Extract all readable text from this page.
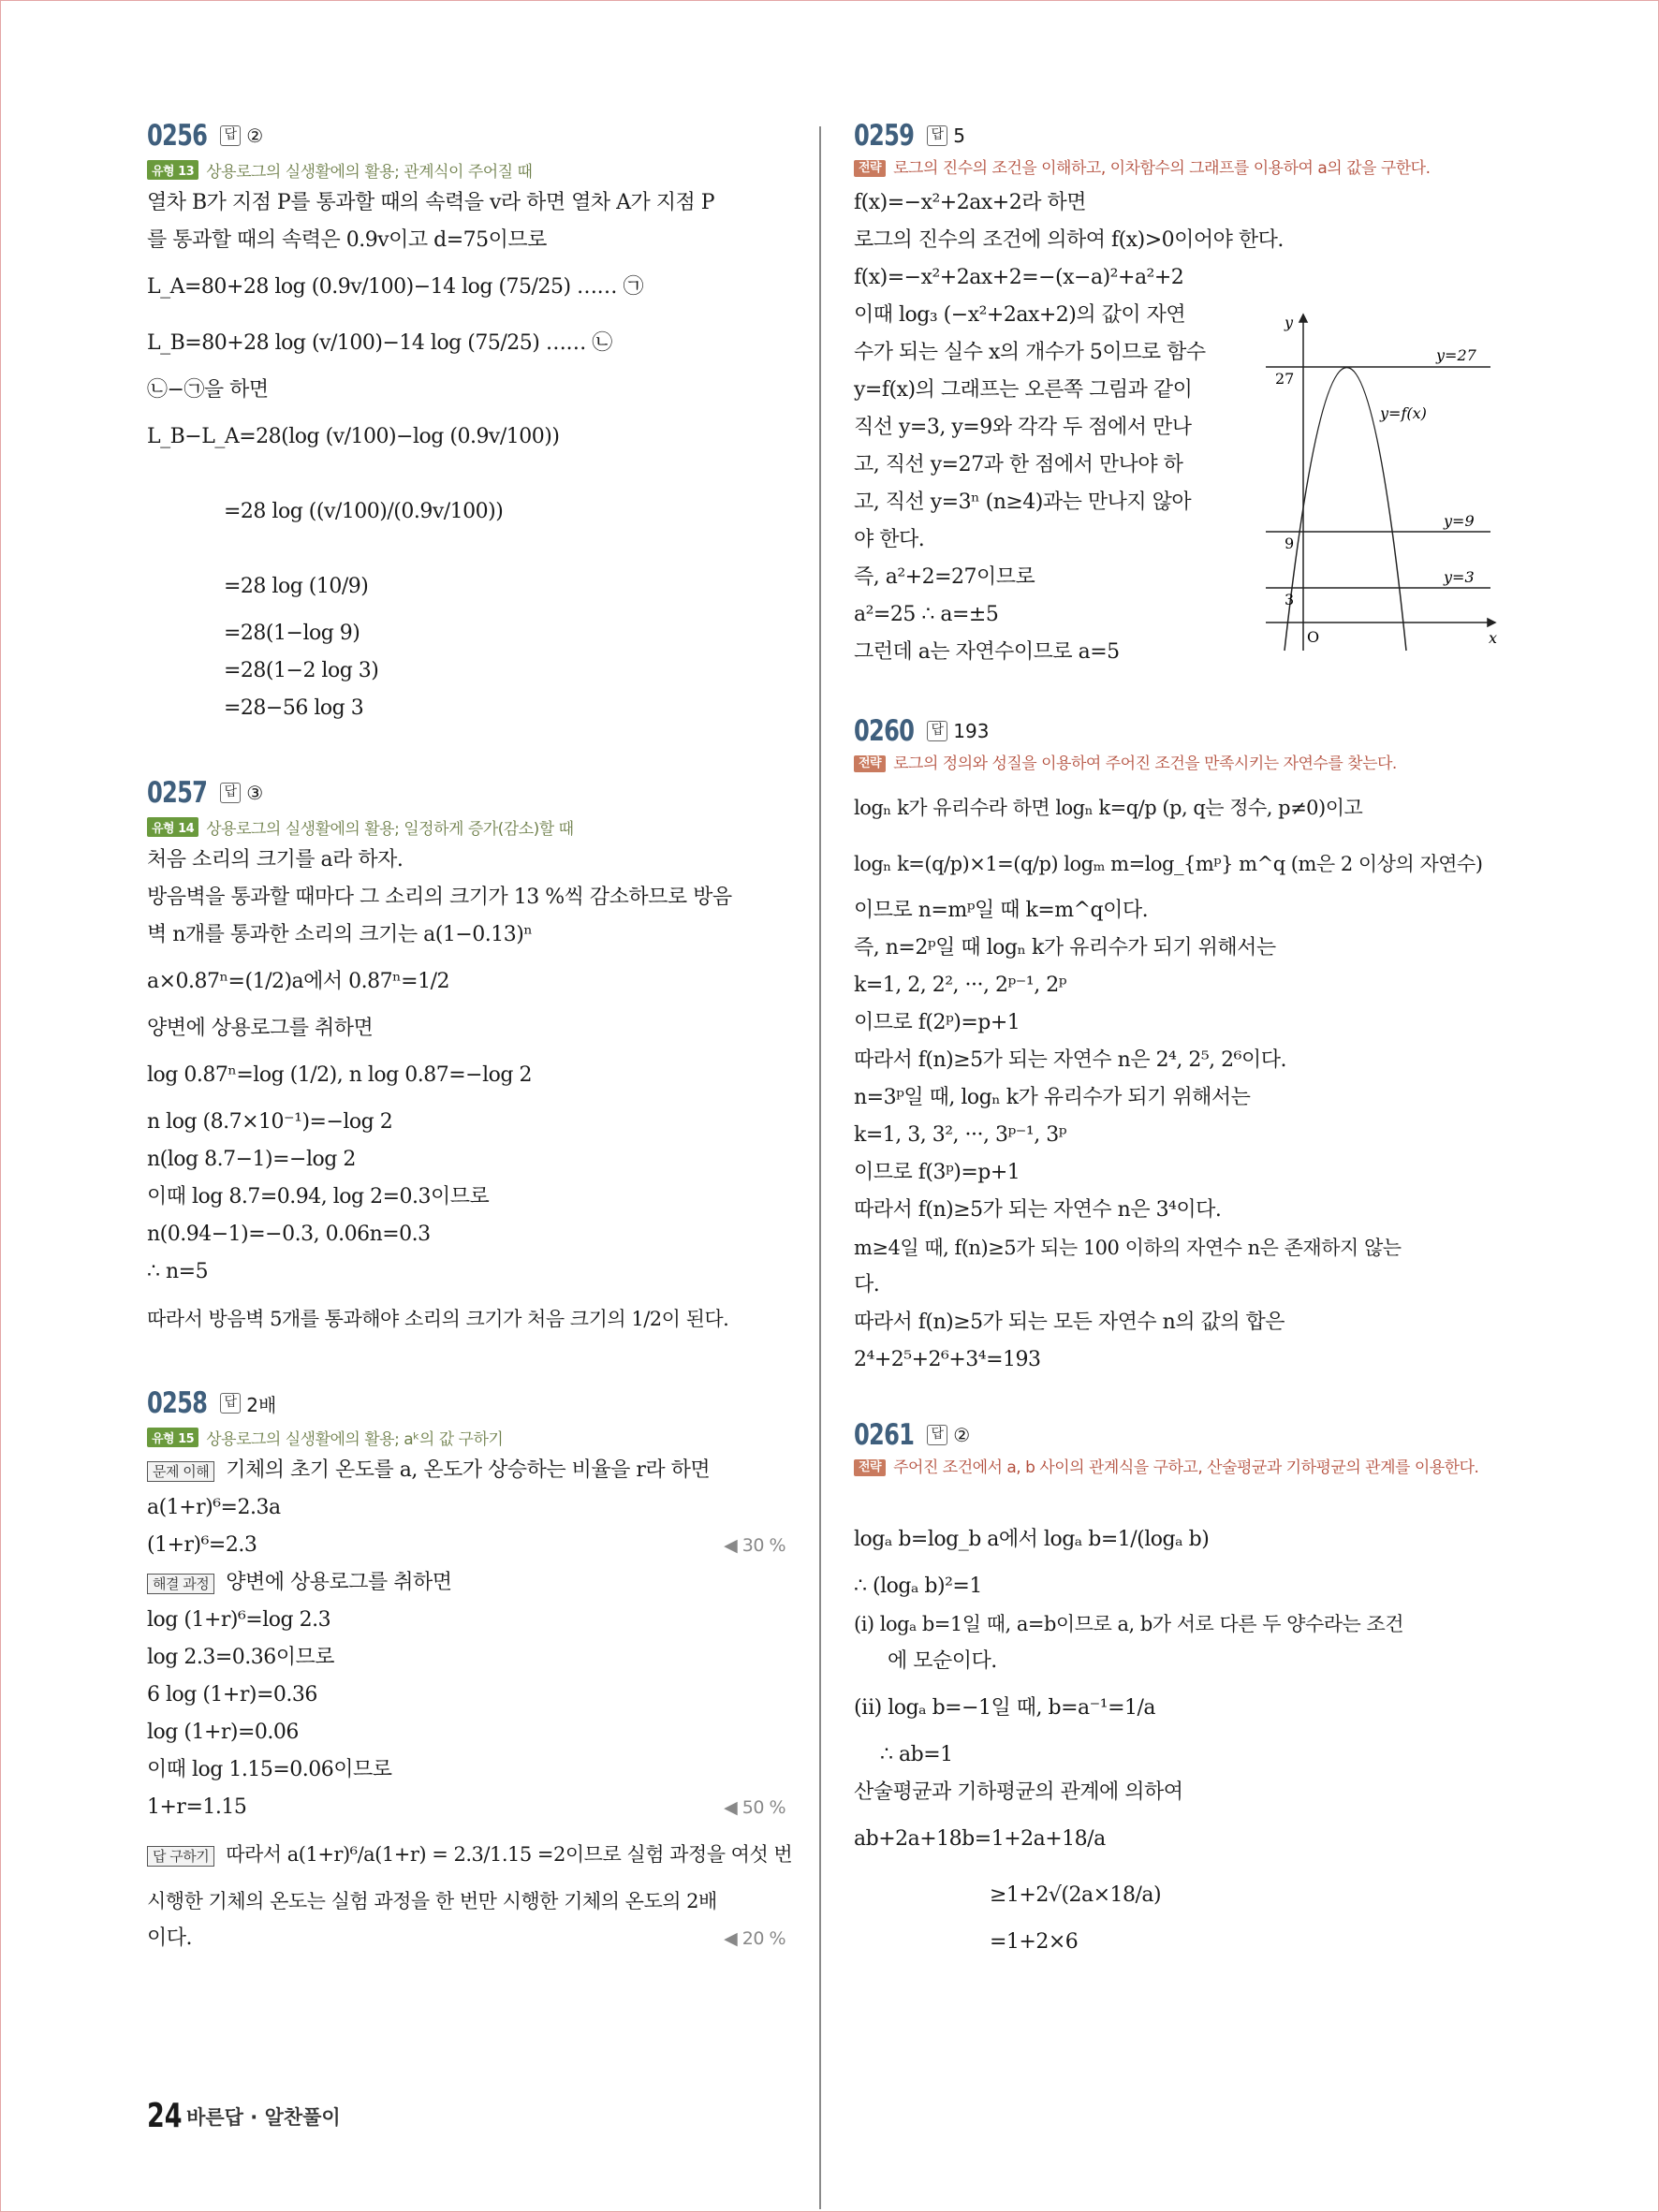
0256	답 ②
유형 13 상용로그의 실생활에의 활용; 관계식이 주어질 때
열차 B가 지점 P를 통과할 때의 속력을 v라 하면 열차 A가 지점 P
를 통과할 때의 속력은 0.9v이고 d=75이므로
L_A=80+28 log (0.9v/100)−14 log (75/25) …… ㉠
L_B=80+28 log (v/100)−14 log (75/25) …… ㉡
㉡−㉠을 하면
L_B−L_A=28(log (v/100)−log (0.9v/100))
=28 log ((v/100)/(0.9v/100))
=28 log (10/9)
=28(1−log 9)
=28(1−2 log 3)
=28−56 log 3
0257	답 ③
유형 14 상용로그의 실생활에의 활용; 일정하게 증가(감소)할 때
처음 소리의 크기를 a라 하자.
방음벽을 통과할 때마다 그 소리의 크기가 13 %씩 감소하므로 방음
벽 n개를 통과한 소리의 크기는 a(1−0.13)ⁿ
a×0.87ⁿ=(1/2)a에서 0.87ⁿ=1/2
양변에 상용로그를 취하면
log 0.87ⁿ=log (1/2), n log 0.87=−log 2
n log (8.7×10⁻¹)=−log 2
n(log 8.7−1)=−log 2
이때 log 8.7=0.94, log 2=0.3이므로
n(0.94−1)=−0.3, 0.06n=0.3
∴ n=5
따라서 방음벽 5개를 통과해야 소리의 크기가 처음 크기의 1/2이 된다.
0258	답 2배
유형 15 상용로그의 실생활에의 활용; aᵏ의 값 구하기
문제 이해 기체의 초기 온도를 a, 온도가 상승하는 비율을 r라 하면
a(1+r)⁶=2.3a
(1+r)⁶=2.3	◀ 30 %
해결 과정 양변에 상용로그를 취하면
log (1+r)⁶=log 2.3
log 2.3=0.36이므로
6 log (1+r)=0.36
log (1+r)=0.06
이때 log 1.15=0.06이므로
1+r=1.15	◀ 50 %
답 구하기 따라서 a(1+r)⁶/a(1+r) = 2.3/1.15 =2이므로 실험 과정을 여섯 번
시행한 기체의 온도는 실험 과정을 한 번만 시행한 기체의 온도의 2배
이다.	◀ 20 %
0259	답 5
전략 로그의 진수의 조건을 이해하고, 이차함수의 그래프를 이용하여 a의 값을 구한다.
f(x)=−x²+2ax+2라 하면
로그의 진수의 조건에 의하여 f(x)>0이어야 한다.
f(x)=−x²+2ax+2=−(x−a)²+a²+2
이때 log₃ (−x²+2ax+2)의 값이 자연
수가 되는 실수 x의 개수가 5이므로 함수
y=f(x)의 그래프는 오른쪽 그림과 같이
직선 y=3, y=9와 각각 두 점에서 만나
고, 직선 y=27과 한 점에서 만나야 하
고, 직선 y=3ⁿ (n≥4)과는 만나지 않아
야 한다.
즉, a²+2=27이므로
a²=25 ∴ a=±5
그런데 a는 자연수이므로 a=5
0260	답 193
전략 로그의 정의와 성질을 이용하여 주어진 조건을 만족시키는 자연수를 찾는다.
logₙ k가 유리수라 하면 logₙ k=q/p (p, q는 정수, p≠0)이고
logₙ k=(q/p)×1=(q/p) logₘ m=log_{mᵖ} m^q (m은 2 이상의 자연수)
이므로 n=mᵖ일 때 k=m^q이다.
즉, n=2ᵖ일 때 logₙ k가 유리수가 되기 위해서는
k=1, 2, 2², ···, 2ᵖ⁻¹, 2ᵖ
이므로 f(2ᵖ)=p+1
따라서 f(n)≥5가 되는 자연수 n은 2⁴, 2⁵, 2⁶이다.
n=3ᵖ일 때, logₙ k가 유리수가 되기 위해서는
k=1, 3, 3², ···, 3ᵖ⁻¹, 3ᵖ
이므로 f(3ᵖ)=p+1
따라서 f(n)≥5가 되는 자연수 n은 3⁴이다.
m≥4일 때, f(n)≥5가 되는 100 이하의 자연수 n은 존재하지 않는
다.
따라서 f(n)≥5가 되는 모든 자연수 n의 값의 합은
2⁴+2⁵+2⁶+3⁴=193
0261	답 ②
전략 주어진 조건에서 a, b 사이의 관계식을 구하고, 산술평균과 기하평균의 관계를 이용한다.
logₐ b=log_b a에서 logₐ b=1/(logₐ b)
∴ (logₐ b)²=1
(ⅰ) logₐ b=1일 때, a=b이므로 a, b가 서로 다른 두 양수라는 조건
에 모순이다.
(ⅱ) logₐ b=−1일 때, b=a⁻¹=1/a
∴ ab=1
산술평균과 기하평균의 관계에 의하여
ab+2a+18b=1+2a+18/a
≥1+2√(2a×18/a)
=1+2×6
y
x
O
y=27
y=9
y=3
y=f(x)
27
9
3
24 바른답 · 알찬풀이
